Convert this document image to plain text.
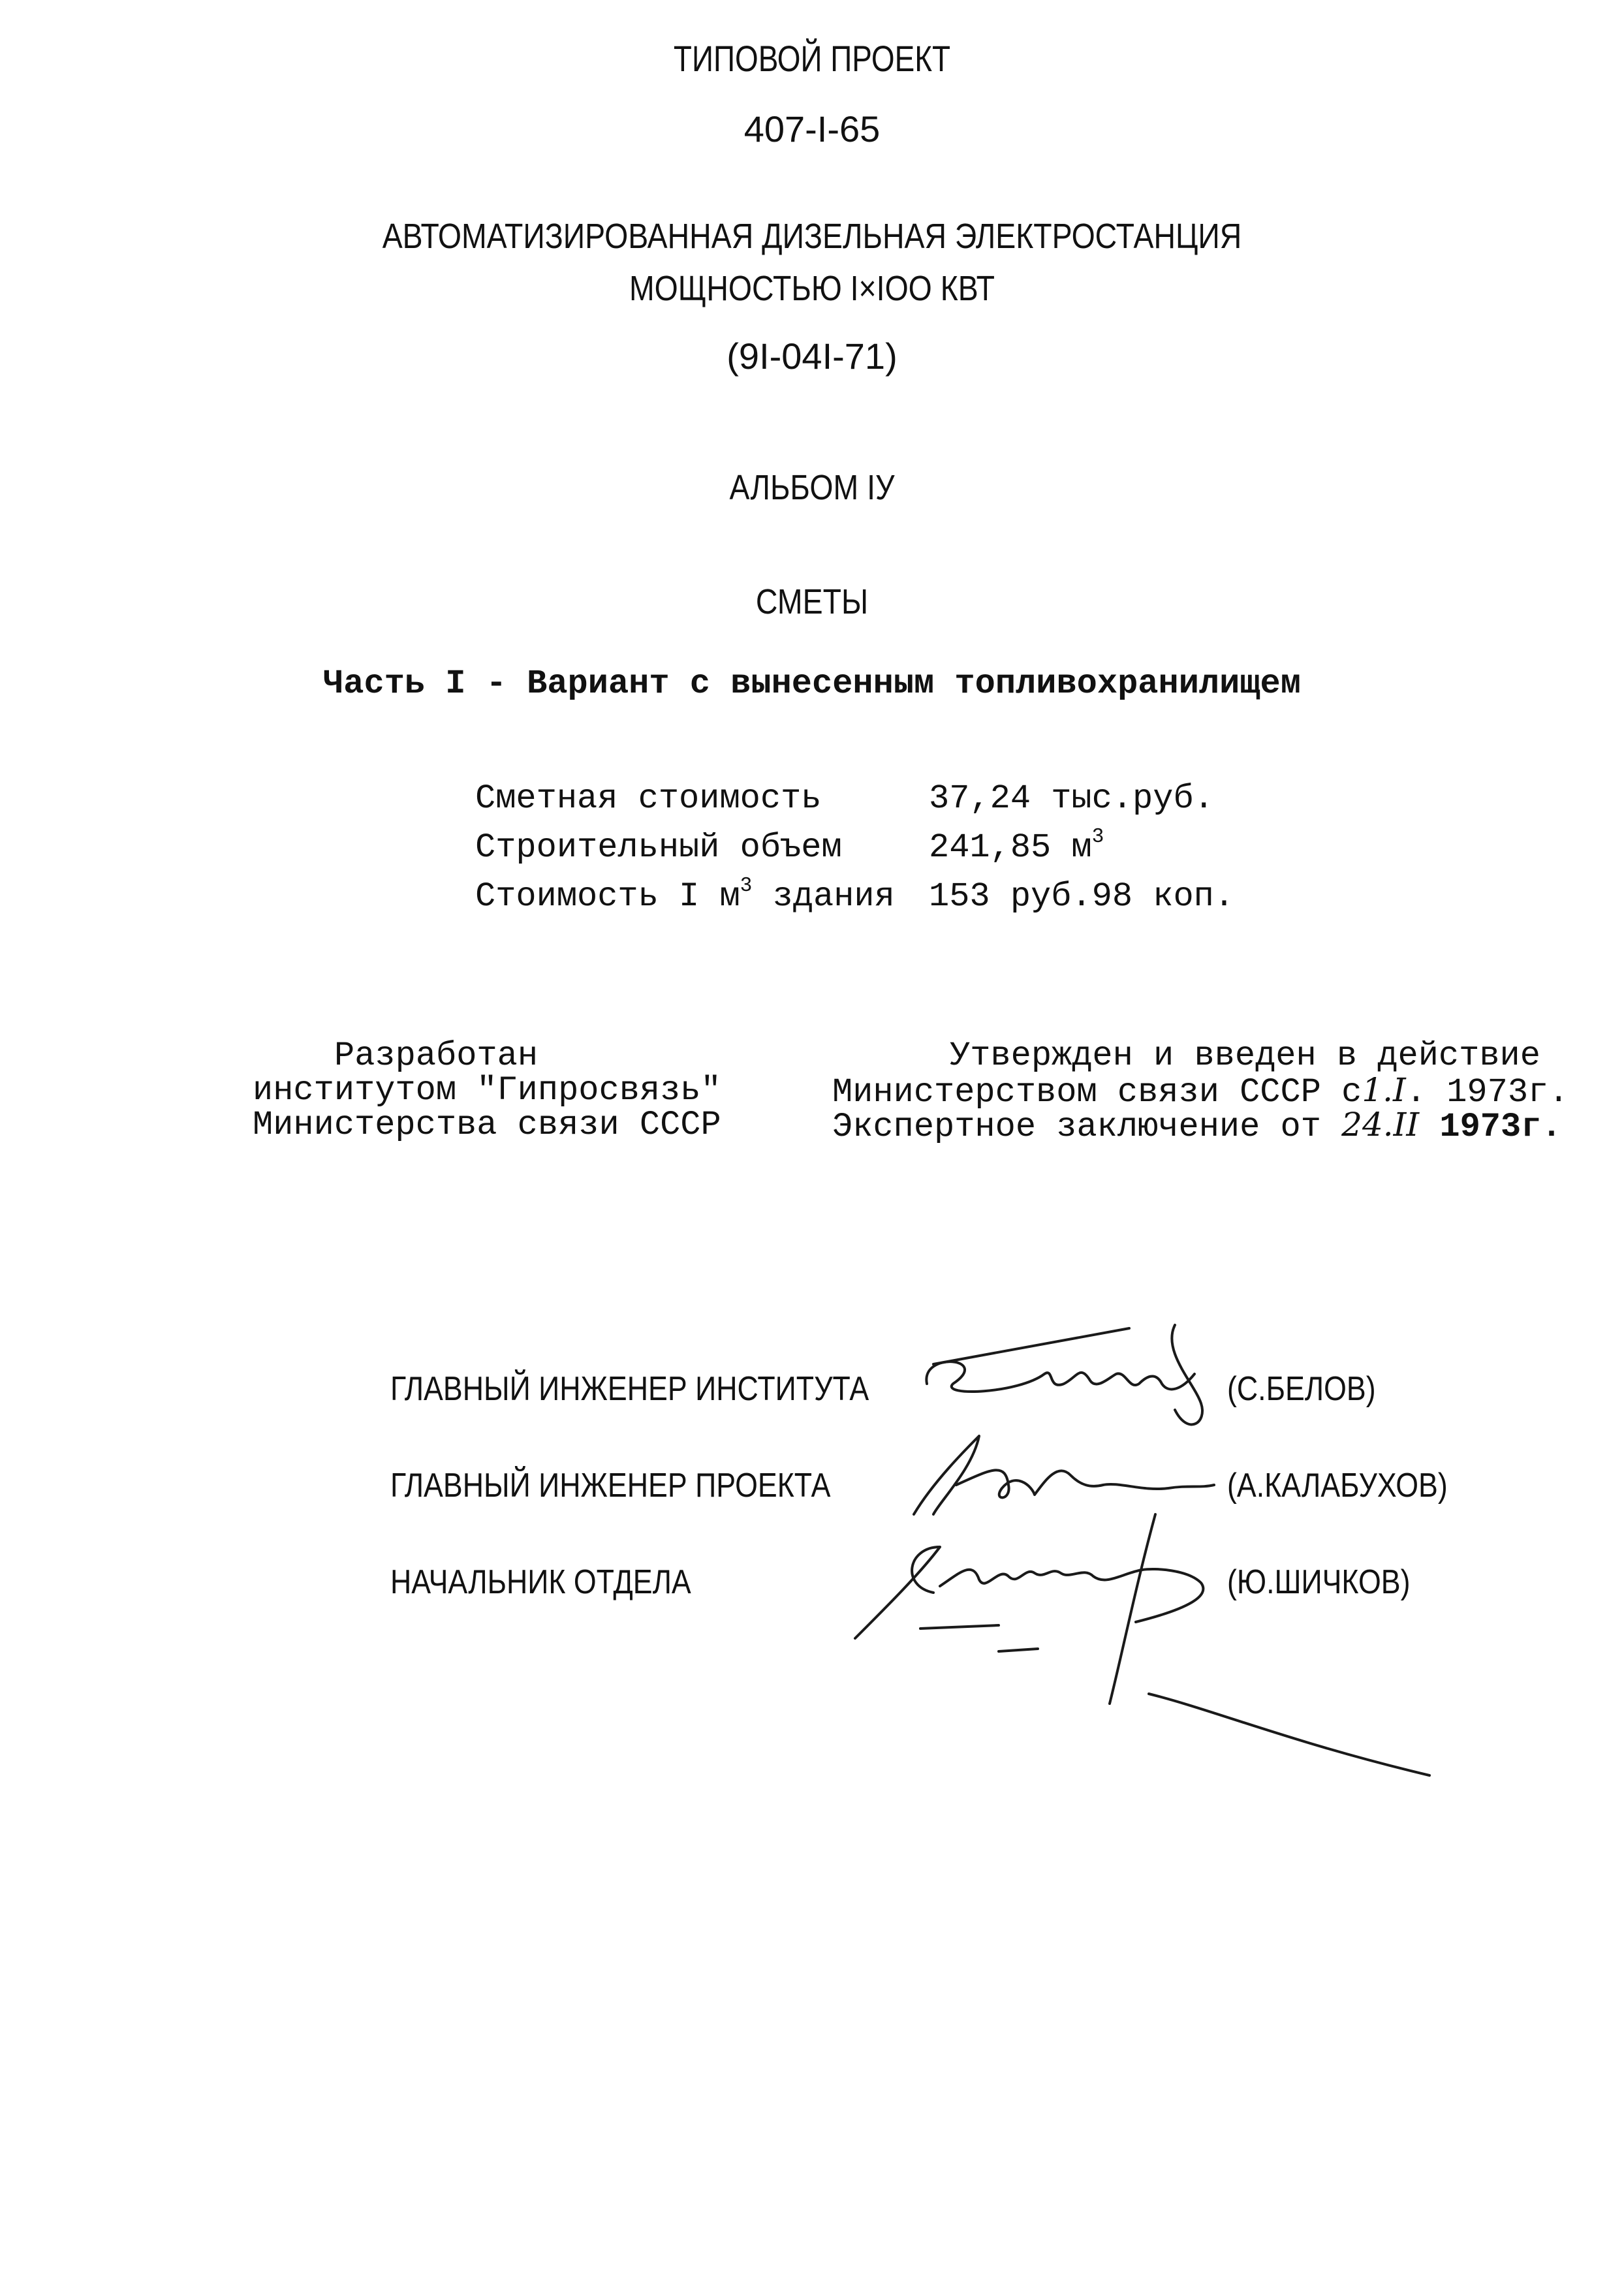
ТИПОВОЙ ПРОЕКТ
407-I-65
АВТОМАТИЗИРОВАННАЯ ДИЗЕЛЬНАЯ ЭЛЕКТРОСТАНЦИЯ
МОЩНОСТЬЮ I×IOO КВТ
(9I-04I-71)
АЛЬБОМ IУ
СМЕТЫ
Часть I - Вариант с вынесенным топливохранилищем
Сметная стоимость	37,24 тыс.руб.
Строительный объем	241,85 $м^3$
Стоимость I $м^3$ здания 153 руб.98 коп.
Разработан
институтом "Гипросвязь"
Министерства связи СССР
Утвержден и введен в действие
Министерством связи СССР с1.I. 1973г.
Экспертное заключение от 24.II 1973г.
ГЛАВНЫЙ ИНЖЕНЕР ИНСТИТУТА	(С.БЕЛОВ)
ГЛАВНЫЙ ИНЖЕНЕР ПРОЕКТА	(А.КАЛАБУХОВ)
НАЧАЛЬНИК ОТДЕЛА	(Ю.ШИЧКОВ)
